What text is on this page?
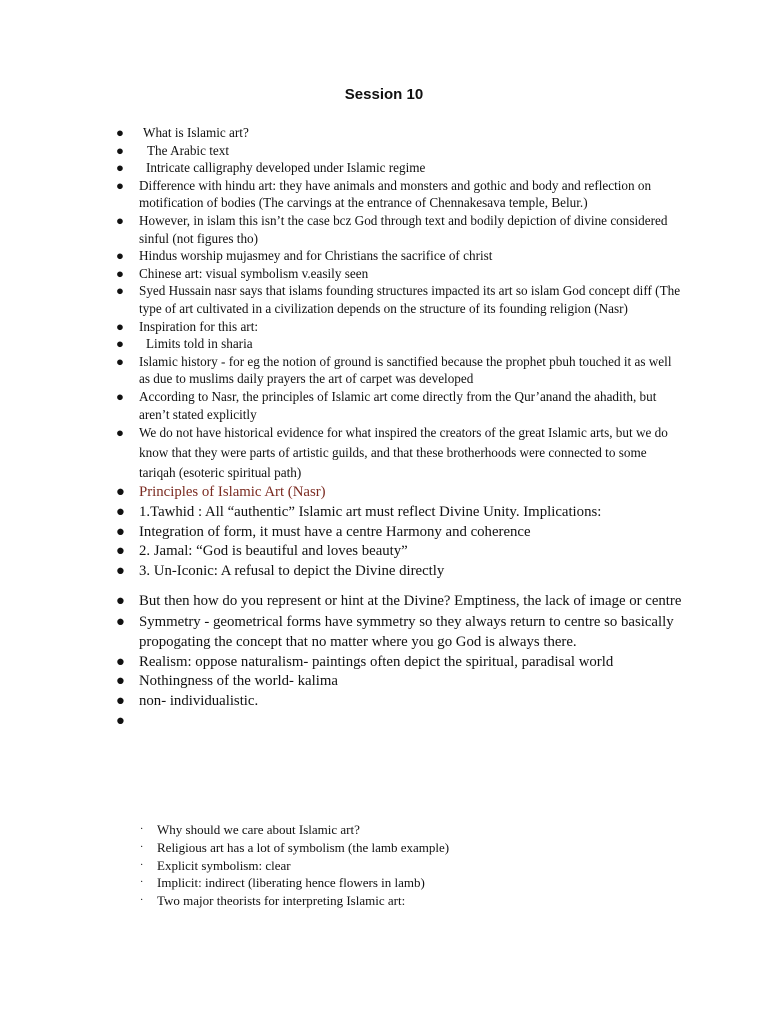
Session 10
● What is Islamic art?
● The Arabic text
● Intricate calligraphy developed under Islamic regime
● Difference with hindu art: they have animals and monsters and gothic and body and reflection on motification of bodies (The carvings at the entrance of Chennakesava temple, Belur.)
● However, in islam this isn’t the case bcz God through text and bodily depiction of divine considered sinful (not figures tho)
● Hindus worship mujasmey and for Christians the sacrifice of christ
● Chinese art: visual symbolism v.easily seen
● Syed Hussain nasr says that islams founding structures impacted its art so islam God concept diff (The type of art cultivated in a civilization depends on the structure of its founding religion (Nasr)
● Inspiration for this art:
● Limits told in sharia
● Islamic history - for eg the notion of ground is sanctified because the prophet pbuh touched it as well as due to muslims daily prayers the art of carpet was developed
● According to Nasr, the principles of Islamic art come directly from the Qur’anand the ahadith, but aren’t stated explicitly
● We do not have historical evidence for what inspired the creators of the great Islamic arts, but we do know that they were parts of artistic guilds, and that these brotherhoods were connected to some tariqah (esoteric spiritual path)
● Principles of Islamic Art (Nasr)
● 1.Tawhid : All “authentic” Islamic art must reflect Divine Unity. Implications:
● Integration of form, it must have a centre Harmony and coherence
● 2. Jamal: “God is beautiful and loves beauty”
● 3. Un-Iconic: A refusal to depict the Divine directly
● But then how do you represent or hint at the Divine? Emptiness, the lack of image or centre
● Symmetry - geometrical forms have symmetry so they always return to centre so basically propogating the concept that no matter where you go God is always there.
● Realism: oppose naturalism- paintings often depict the spiritual, paradisal world
● Nothingness of the world- kalima
● non- individualistic.
●
· Why should we care about Islamic art?
· Religious art has a lot of symbolism (the lamb example)
· Explicit symbolism: clear
· Implicit: indirect (liberating hence flowers in lamb)
· Two major theorists for interpreting Islamic art:
